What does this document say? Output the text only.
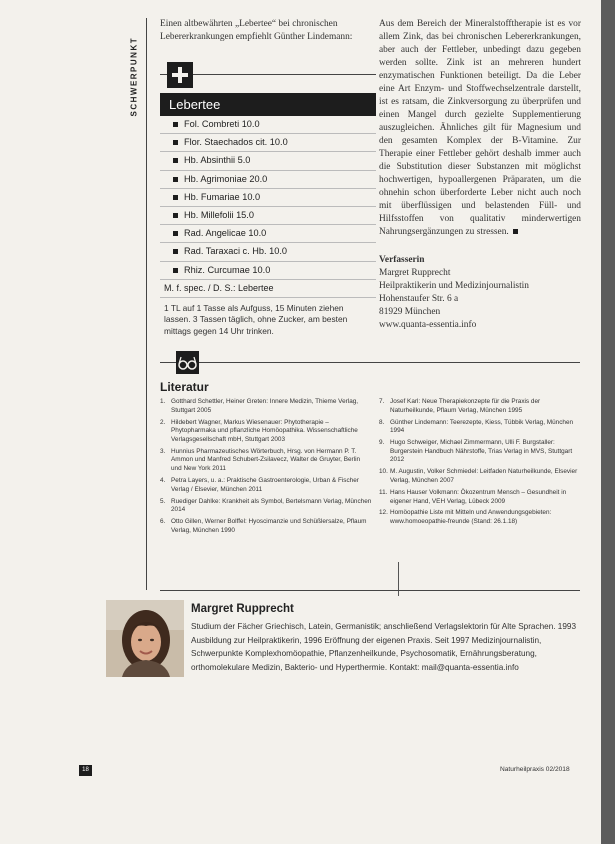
SCHWERPUNKT
Einen altbewährten „Lebertee“ bei chronischen Lebererkrankungen empfiehlt Günther Lindemann:
Lebertee
Fol. Combreti 10.0
Flor. Staechados cit. 10.0
Hb. Absinthii 5.0
Hb. Agrimoniae 20.0
Hb. Fumariae 10.0
Hb. Millefolii 15.0
Rad. Angelicae 10.0
Rad. Taraxaci c. Hb. 10.0
Rhiz. Curcumae 10.0
M. f. spec. / D. S.: Lebertee
1 TL auf 1 Tasse als Aufguss, 15 Minuten ziehen lassen. 3 Tassen täglich, ohne Zucker, am besten mittags gegen 14 Uhr trinken.
Aus dem Bereich der Mineralstofftherapie ist es vor allem Zink, das bei chronischen Lebererkrankungen, aber auch der Fettleber, unbedingt dazu gegeben werden sollte. Zink ist an mehreren hundert enzymatischen Funktionen beteiligt. Da die Leber eine Art Enzym- und Stoffwechselzentrale darstellt, ist es ratsam, die Zinkversorgung zu überprüfen und einen Mangel durch gezielte Supplementierung auszugleichen. Ähnliches gilt für Magnesium und den gesamten Komplex der B-Vitamine. Zur Therapie einer Fettleber gehört deshalb immer auch die Substitution dieser Substanzen mit möglichst hochwertigen, hypoallergenen Präparaten, um die ohnehin schon überforderte Leber nicht auch noch mit überflüssigen und belastenden Füll- und Hilfsstoffen von qualitativ minderwertigen Nahrungsergänzungen zu stressen.
Verfasserin
Margret Rupprecht
Heilpraktikerin und Medizinjournalistin
Hohenstaufer Str. 6 a
81929 München
www.quanta-essentia.info
Literatur
1. Gotthard Schettler, Heiner Greten: Innere Medizin, Thieme Verlag, Stuttgart 2005
2. Hildebert Wagner, Markus Wiesenauer: Phytotherapie – Phytopharmaka und pflanzliche Homöopathika. Wissenschaftliche Verlagsgesellschaft mbH, Stuttgart 2003
3. Hunnius Pharmazeutisches Wörterbuch, Hrsg. von Hermann P. T. Ammon und Manfred Schubert-Zsilavecz, Walter de Gruyter, Berlin und New York 2011
4. Petra Layers, u. a.: Praktische Gastroenterologie, Urban & Fischer Verlag / Elsevier, München 2011
5. Ruediger Dahlke: Krankheit als Symbol, Bertelsmann Verlag, München 2014
6. Otto Gillen, Werner Bolffel: Hyoscimanzie und Schüßlersalze, Pflaum Verlag, München 1990
7. Josef Karl: Neue Therapiekonzepte für die Praxis der Naturheilkunde, Pflaum Verlag, München 1995
8. Günther Lindemann: Teerezepte, Kiess, Tübbik Verlag, München 1994
9. Hugo Schweiger, Michael Zimmermann, Ulli F. Burgstaller: Burgerstein Handbuch Nährstoffe, Trias Verlag in MVS, Stuttgart 2012
10. M. Augustin, Volker Schmiedel: Leitfaden Naturheilkunde, Elsevier Verlag, München 2007
11. Hans Hauser Volkmann: Ökozentrum Mensch – Gesundheit in eigener Hand, VEH Verlag, Lübeck 2009
12. Homöopathie Liste mit Mitteln und Anwendungsgebieten: www.homoeopathie-freunde (Stand: 26.1.18)
Margret Rupprecht
Studium der Fächer Griechisch, Latein, Germanistik; anschließend Verlagslektorin für Alte Sprachen. 1993 Ausbildung zur Heilpraktikerin, 1996 Eröffnung der eigenen Praxis. Seit 1997 Medizinjournalistin, Schwerpunkte Komplexhomöopathie, Pflanzenheilkunde, Psychosomatik, Ernährungsberatung, orthomolekulare Medizin, Bakterio- und Hyperthermie. Kontakt: mail@quanta-essentia.info
18	Naturheilpraxis 02/2018
